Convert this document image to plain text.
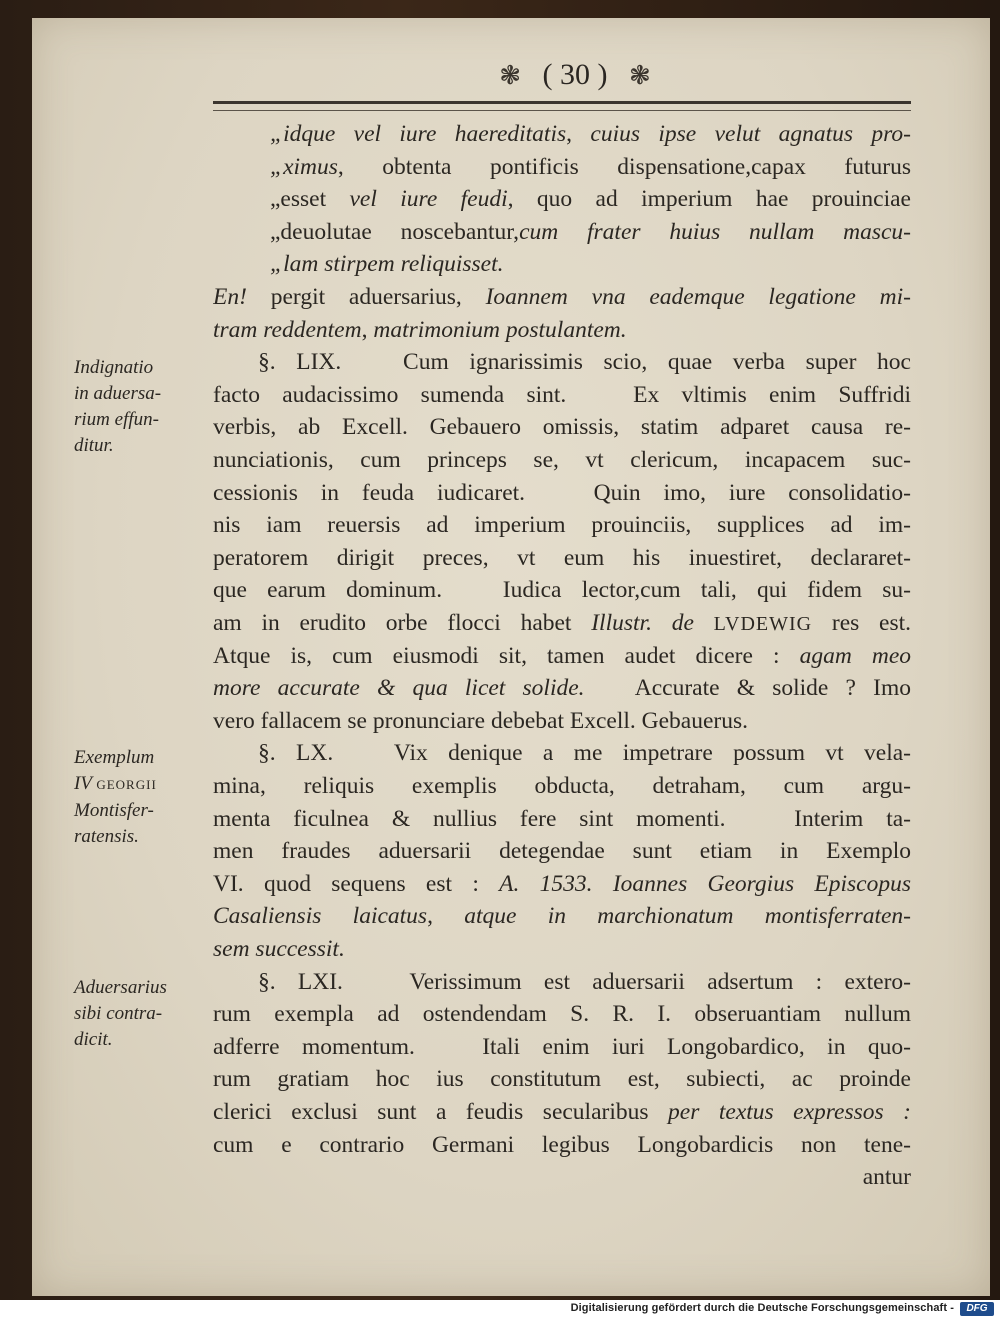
❃ ( 30 ) ❃
„idque vel iure haereditatis, cuius ipse velut agnatus pro-
„ximus, obtenta pontificis dispensatione,capax futurus
„esset vel iure feudi, quo ad imperium hae prouinciae
„deuolutae noscebantur,cum frater huius nullam mascu-
„lam stirpem reliquisset.
En! pergit aduersarius, Ioannem vna eademque legatione mi-
tram reddentem, matrimonium postulantem.
§. LIX.   Cum ignarissimis scio, quae verba super hoc
facto audacissimo sumenda sint.   Ex vltimis enim Suffridi
verbis, ab Excell. Gebauero omissis, statim adparet causa re-
nunciationis, cum princeps se, vt clericum, incapacem suc-
cessionis in feuda iudicaret.   Quin imo, iure consolidatio-
nis iam reuersis ad imperium prouinciis, supplices ad im-
peratorem dirigit preces, vt eum his inuestiret, declararet-
que earum dominum.   Iudica lector,cum tali, qui fidem su-
am in erudito orbe flocci habet Illustr. de LVDEWIG res est.
Atque is, cum eiusmodi sit, tamen audet dicere : agam meo
more accurate & qua licet solide.   Accurate & solide ? Imo
vero fallacem se pronunciare debebat Excell. Gebauerus.
§. LX.   Vix denique a me impetrare possum vt vela-
mina, reliquis exemplis obducta, detraham, cum argu-
menta ficulnea & nullius fere sint momenti.   Interim ta-
men fraudes aduersarii detegendae sunt etiam in Exemplo
VI. quod sequens est : A. 1533. Ioannes Georgius Episcopus
Casaliensis laicatus, atque in marchionatum montisferraten-
sem successit.
§. LXI.   Verissimum est aduersarii adsertum : extero-
rum exempla ad ostendendam S. R. I. obseruantiam nullum
adferre momentum.   Itali enim iuri Longobardico, in quo-
rum gratiam hoc ius constitutum est, subiecti, ac proinde
clerici exclusi sunt a feudis secularibus per textus expressos :
cum e contrario Germani legibus Longobardicis non tene-
antur
Indignatio
in aduersa-
rium effun-
ditur.
Exemplum
IV GEORGII
Montisfer-
ratensis.
Aduersarius
sibi contra-
dicit.
Digitalisierung gefördert durch die Deutsche Forschungsgemeinschaft -	DFG
